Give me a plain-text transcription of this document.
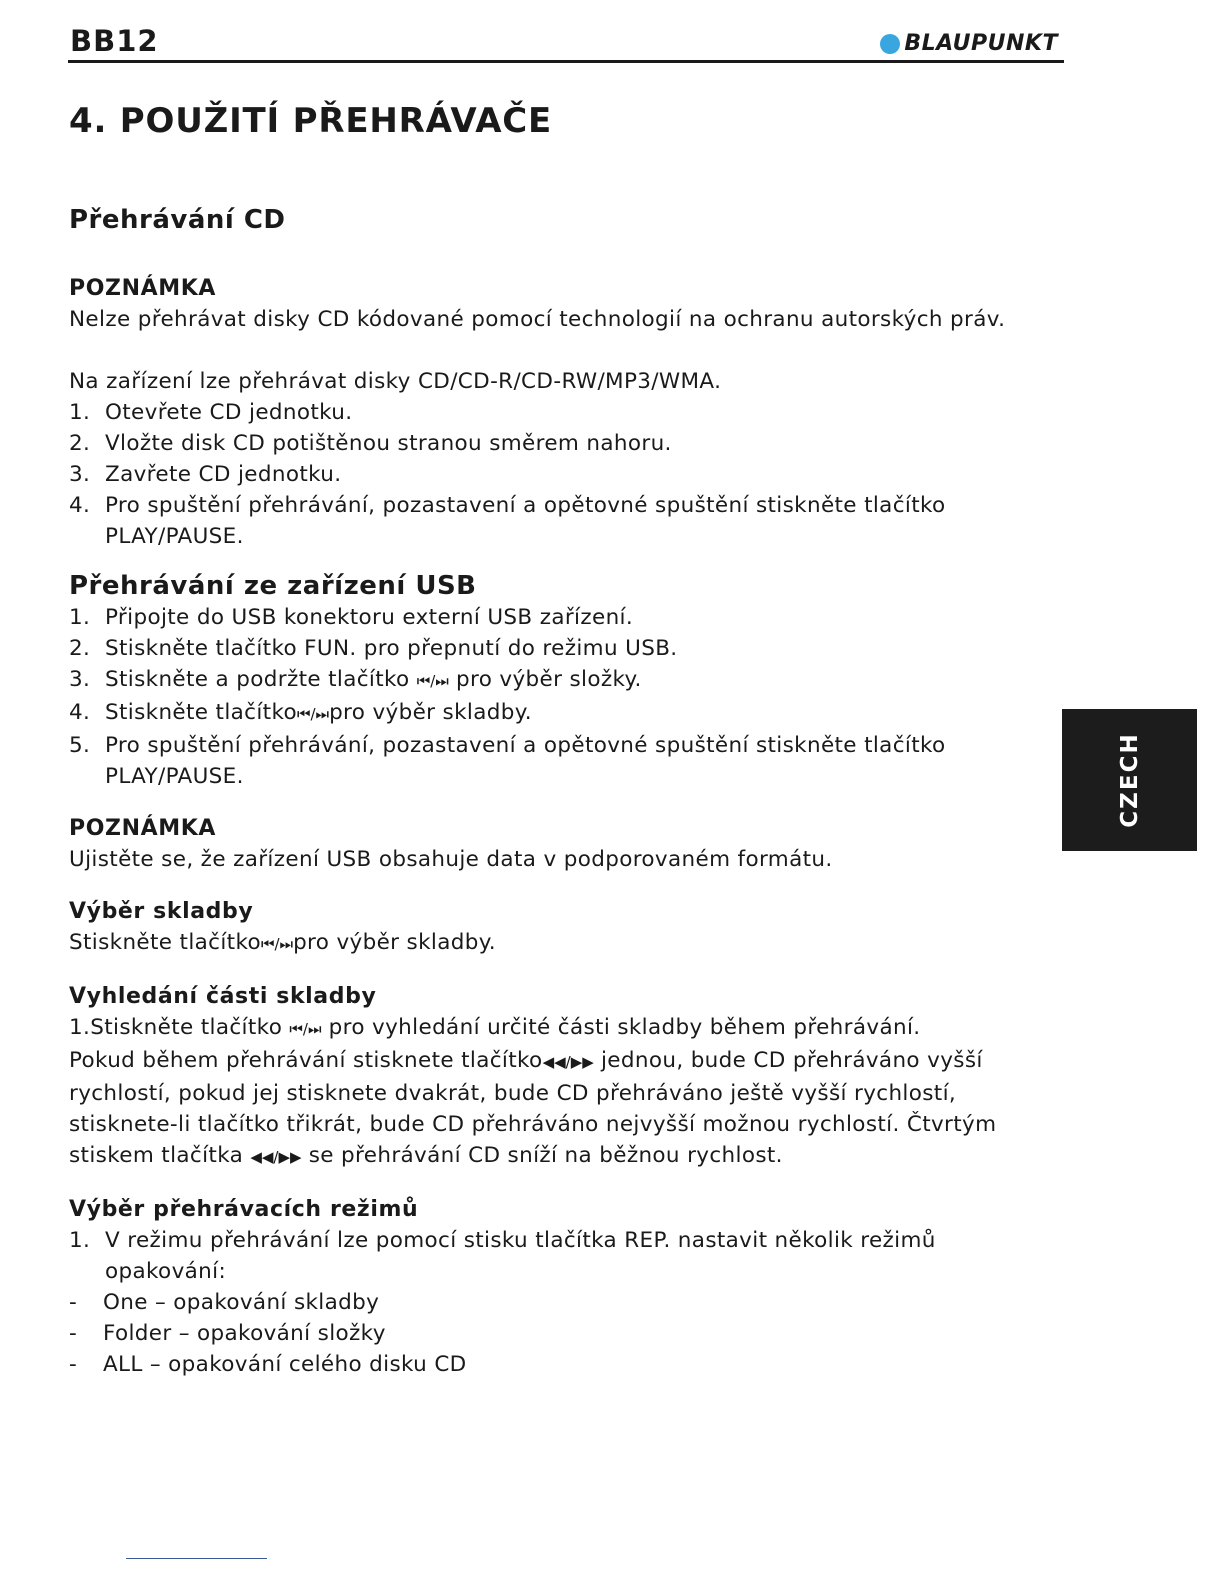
BB12	BLAUPUNKT
4. POUŽITÍ PŘEHRÁVAČE
Přehrávání CD
POZNÁMKA

Nelze přehrávat disky CD kódované pomocí technologií na ochranu autorských práv.

Na zařízení lze přehrávat disky CD/CD-R/CD-RW/MP3/WMA.

1. Otevřete CD jednotku.
2. Vložte disk CD potištěnou stranou směrem nahoru.
3. Zavřete CD jednotku.
4. Pro spuštění přehrávání, pozastavení a opětovné spuštění stiskněte tlačítko PLAY/PAUSE.
Přehrávání ze zařízení USB
1. Připojte do USB konektoru externí USB zařízení.
2. Stiskněte tlačítko FUN. pro přepnutí do režimu USB.
3. Stiskněte a podržte tlačítko ⏮/⏭ pro výběr složky.
4. Stiskněte tlačítko⏮/⏭pro výběr skladby.
5. Pro spuštění přehrávání, pozastavení a opětovné spuštění stiskněte tlačítko PLAY/PAUSE.
POZNÁMKA

Ujistěte se, že zařízení USB obsahuje data v podporovaném formátu.

Výběr skladby

Stiskněte tlačítko⏮/⏭pro výběr skladby.

Vyhledání části skladby

1.Stiskněte tlačítko ⏮/⏭ pro vyhledání určité části skladby během přehrávání.

Pokud během přehrávání stisknete tlačítko◀◀/▶▶ jednou, bude CD přehráváno vyšší rychlostí, pokud jej stisknete dvakrát, bude CD přehráváno ještě vyšší rychlostí, stisknete-li tlačítko třikrát, bude CD přehráváno nejvyšší možnou rychlostí. Čtvrtým stiskem tlačítka ◀◀/▶▶ se přehrávání CD sníží na běžnou rychlost.

Výběr přehrávacích režimů
1. V režimu přehrávání lze pomocí stisku tlačítka REP. nastavit několik režimů opakování:
-	One – opakování skladby
-	Folder – opakování složky
-	ALL – opakování celého disku CD
CZECH
